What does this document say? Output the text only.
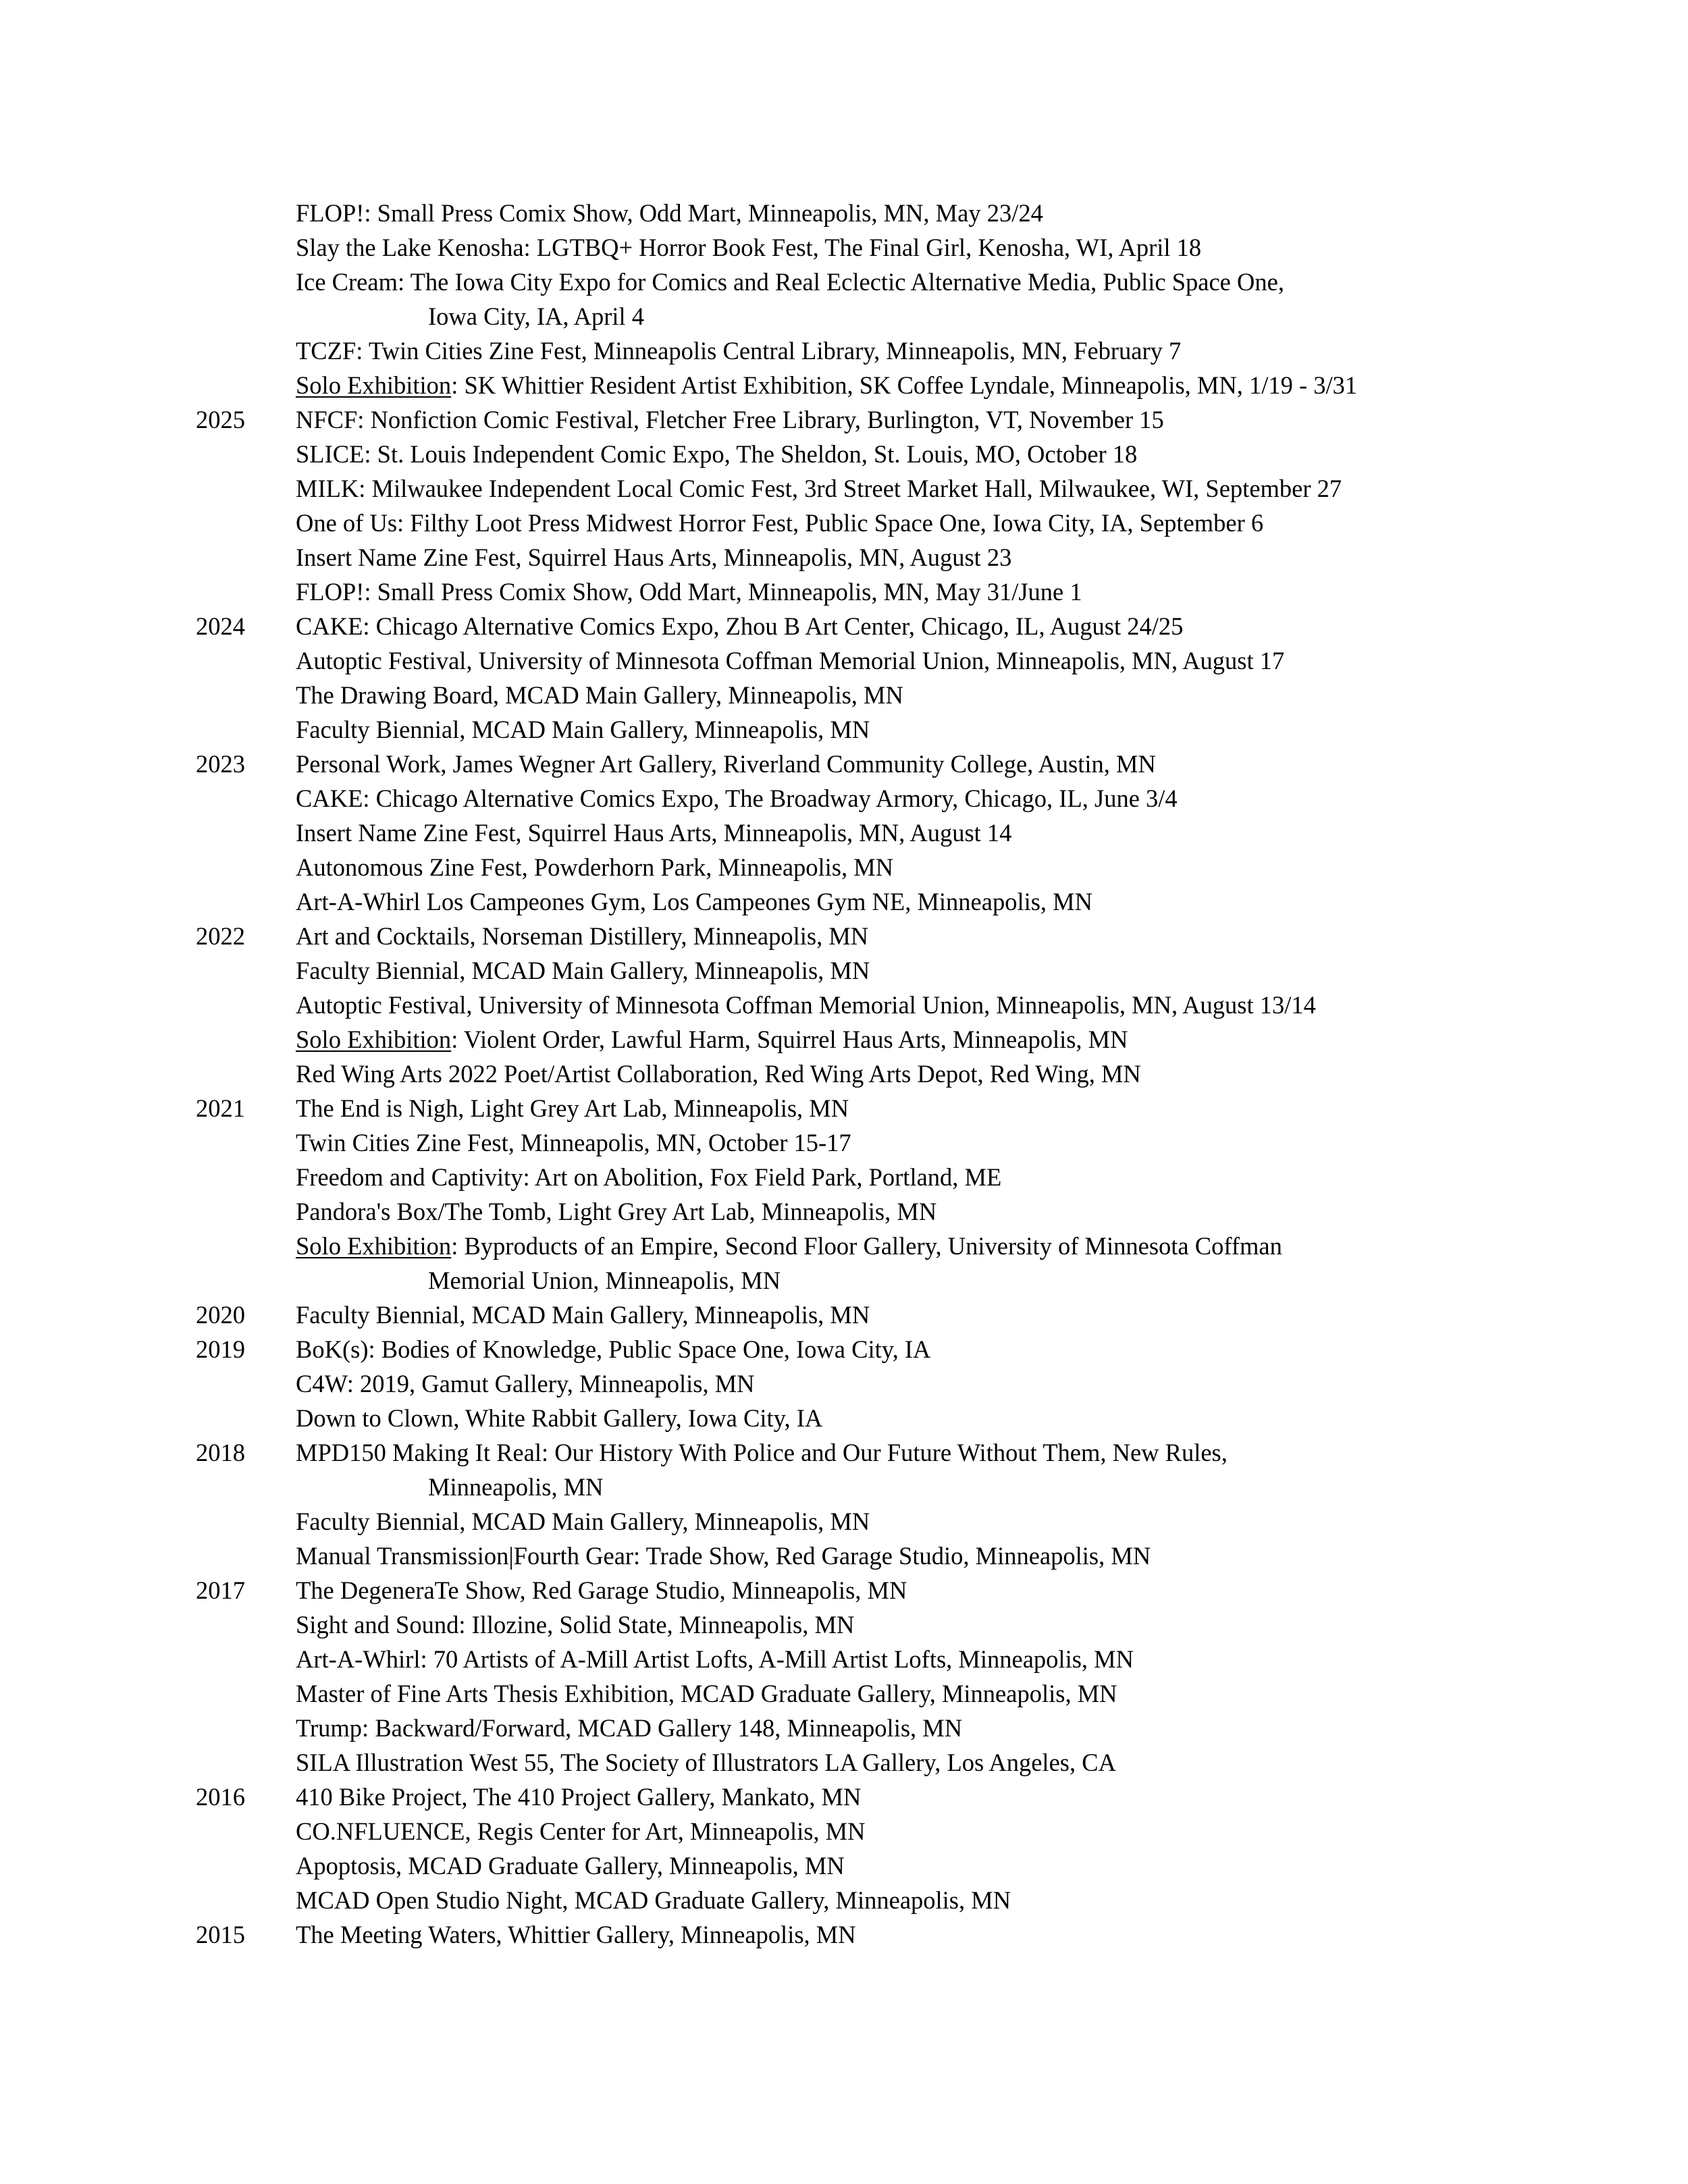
FLOP!: Small Press Comix Show, Odd Mart, Minneapolis, MN, May 23/24
Slay the Lake Kenosha: LGTBQ+ Horror Book Fest, The Final Girl, Kenosha, WI, April 18
Ice Cream: The Iowa City Expo for Comics and Real Eclectic Alternative Media, Public Space One,
Iowa City, IA, April 4
TCZF: Twin Cities Zine Fest, Minneapolis Central Library, Minneapolis, MN, February 7
Solo Exhibition: SK Whittier Resident Artist Exhibition, SK Coffee Lyndale, Minneapolis, MN, 1/19 - 3/31
2025 NFCF: Nonfiction Comic Festival, Fletcher Free Library, Burlington, VT, November 15
SLICE: St. Louis Independent Comic Expo, The Sheldon, St. Louis, MO, October 18
MILK: Milwaukee Independent Local Comic Fest, 3rd Street Market Hall, Milwaukee, WI, September 27
One of Us: Filthy Loot Press Midwest Horror Fest, Public Space One, Iowa City, IA, September 6
Insert Name Zine Fest, Squirrel Haus Arts, Minneapolis, MN, August 23
FLOP!: Small Press Comix Show, Odd Mart, Minneapolis, MN, May 31/June 1
2024 CAKE: Chicago Alternative Comics Expo, Zhou B Art Center, Chicago, IL, August 24/25
Autoptic Festival, University of Minnesota Coffman Memorial Union, Minneapolis, MN, August 17
The Drawing Board, MCAD Main Gallery, Minneapolis, MN
Faculty Biennial, MCAD Main Gallery, Minneapolis, MN
2023 Personal Work, James Wegner Art Gallery, Riverland Community College, Austin, MN
CAKE: Chicago Alternative Comics Expo, The Broadway Armory, Chicago, IL, June 3/4
Insert Name Zine Fest, Squirrel Haus Arts, Minneapolis, MN, August 14
Autonomous Zine Fest, Powderhorn Park, Minneapolis, MN
Art-A-Whirl Los Campeones Gym, Los Campeones Gym NE, Minneapolis, MN
2022 Art and Cocktails, Norseman Distillery, Minneapolis, MN
Faculty Biennial, MCAD Main Gallery, Minneapolis, MN
Autoptic Festival, University of Minnesota Coffman Memorial Union, Minneapolis, MN, August 13/14
Solo Exhibition: Violent Order, Lawful Harm, Squirrel Haus Arts, Minneapolis, MN
Red Wing Arts 2022 Poet/Artist Collaboration, Red Wing Arts Depot, Red Wing, MN
2021 The End is Nigh, Light Grey Art Lab, Minneapolis, MN
Twin Cities Zine Fest, Minneapolis, MN, October 15-17
Freedom and Captivity: Art on Abolition, Fox Field Park, Portland, ME
Pandora's Box/The Tomb, Light Grey Art Lab, Minneapolis, MN
Solo Exhibition: Byproducts of an Empire, Second Floor Gallery, University of Minnesota Coffman
Memorial Union, Minneapolis, MN
2020 Faculty Biennial, MCAD Main Gallery, Minneapolis, MN
2019 BoK(s): Bodies of Knowledge, Public Space One, Iowa City, IA
C4W: 2019, Gamut Gallery, Minneapolis, MN
Down to Clown, White Rabbit Gallery, Iowa City, IA
2018 MPD150 Making It Real: Our History With Police and Our Future Without Them, New Rules,
Minneapolis, MN
Faculty Biennial, MCAD Main Gallery, Minneapolis, MN
Manual Transmission|Fourth Gear: Trade Show, Red Garage Studio, Minneapolis, MN
2017 The DegeneraTe Show, Red Garage Studio, Minneapolis, MN
Sight and Sound: Illozine, Solid State, Minneapolis, MN
Art-A-Whirl: 70 Artists of A-Mill Artist Lofts, A-Mill Artist Lofts, Minneapolis, MN
Master of Fine Arts Thesis Exhibition, MCAD Graduate Gallery, Minneapolis, MN
Trump: Backward/Forward, MCAD Gallery 148, Minneapolis, MN
SILA Illustration West 55, The Society of Illustrators LA Gallery, Los Angeles, CA
2016 410 Bike Project, The 410 Project Gallery, Mankato, MN
CO.NFLUENCE, Regis Center for Art, Minneapolis, MN
Apoptosis, MCAD Graduate Gallery, Minneapolis, MN
MCAD Open Studio Night, MCAD Graduate Gallery, Minneapolis, MN
2015 The Meeting Waters, Whittier Gallery, Minneapolis, MN
